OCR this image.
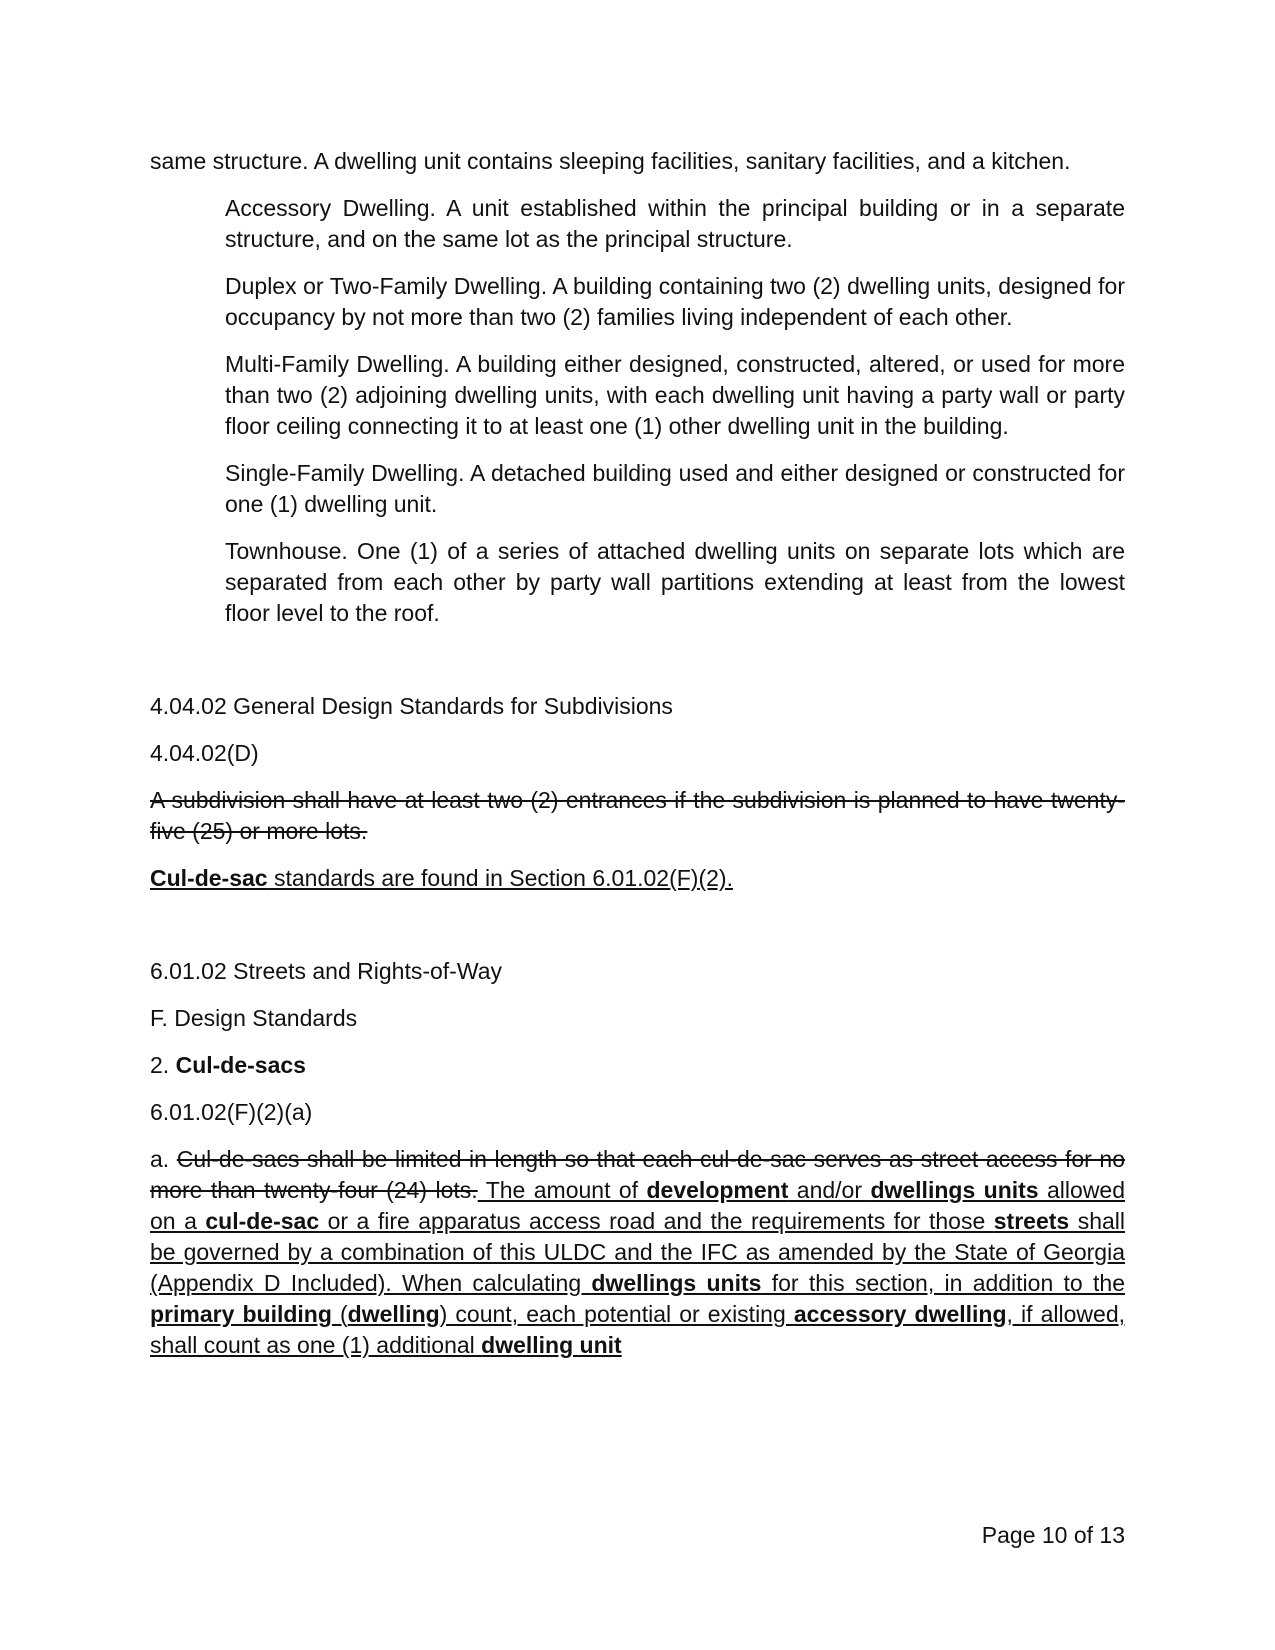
same structure. A dwelling unit contains sleeping facilities, sanitary facilities, and a kitchen.

Accessory Dwelling. A unit established within the principal building or in a separate structure, and on the same lot as the principal structure.

Duplex or Two-Family Dwelling. A building containing two (2) dwelling units, designed for occupancy by not more than two (2) families living independent of each other.

Multi-Family Dwelling. A building either designed, constructed, altered, or used for more than two (2) adjoining dwelling units, with each dwelling unit having a party wall or party floor ceiling connecting it to at least one (1) other dwelling unit in the building.

Single-Family Dwelling. A detached building used and either designed or constructed for one (1) dwelling unit.

Townhouse. One (1) of a series of attached dwelling units on separate lots which are separated from each other by party wall partitions extending at least from the lowest floor level to the roof.

4.04.02 General Design Standards for Subdivisions

4.04.02(D)

A subdivision shall have at least two (2) entrances if the subdivision is planned to have twenty-five (25) or more lots.

Cul-de-sac standards are found in Section 6.01.02(F)(2).

6.01.02 Streets and Rights-of-Way

F. Design Standards

2. Cul-de-sacs

6.01.02(F)(2)(a)

a. Cul-de-sacs shall be limited in length so that each cul-de-sac serves as street access for no more than twenty-four (24) lots. The amount of development and/or dwellings units allowed on a cul-de-sac or a fire apparatus access road and the requirements for those streets shall be governed by a combination of this ULDC and the IFC as amended by the State of Georgia (Appendix D Included). When calculating dwellings units for this section, in addition to the primary building (dwelling) count, each potential or existing accessory dwelling, if allowed, shall count as one (1) additional dwelling unit

Page 10 of 13
